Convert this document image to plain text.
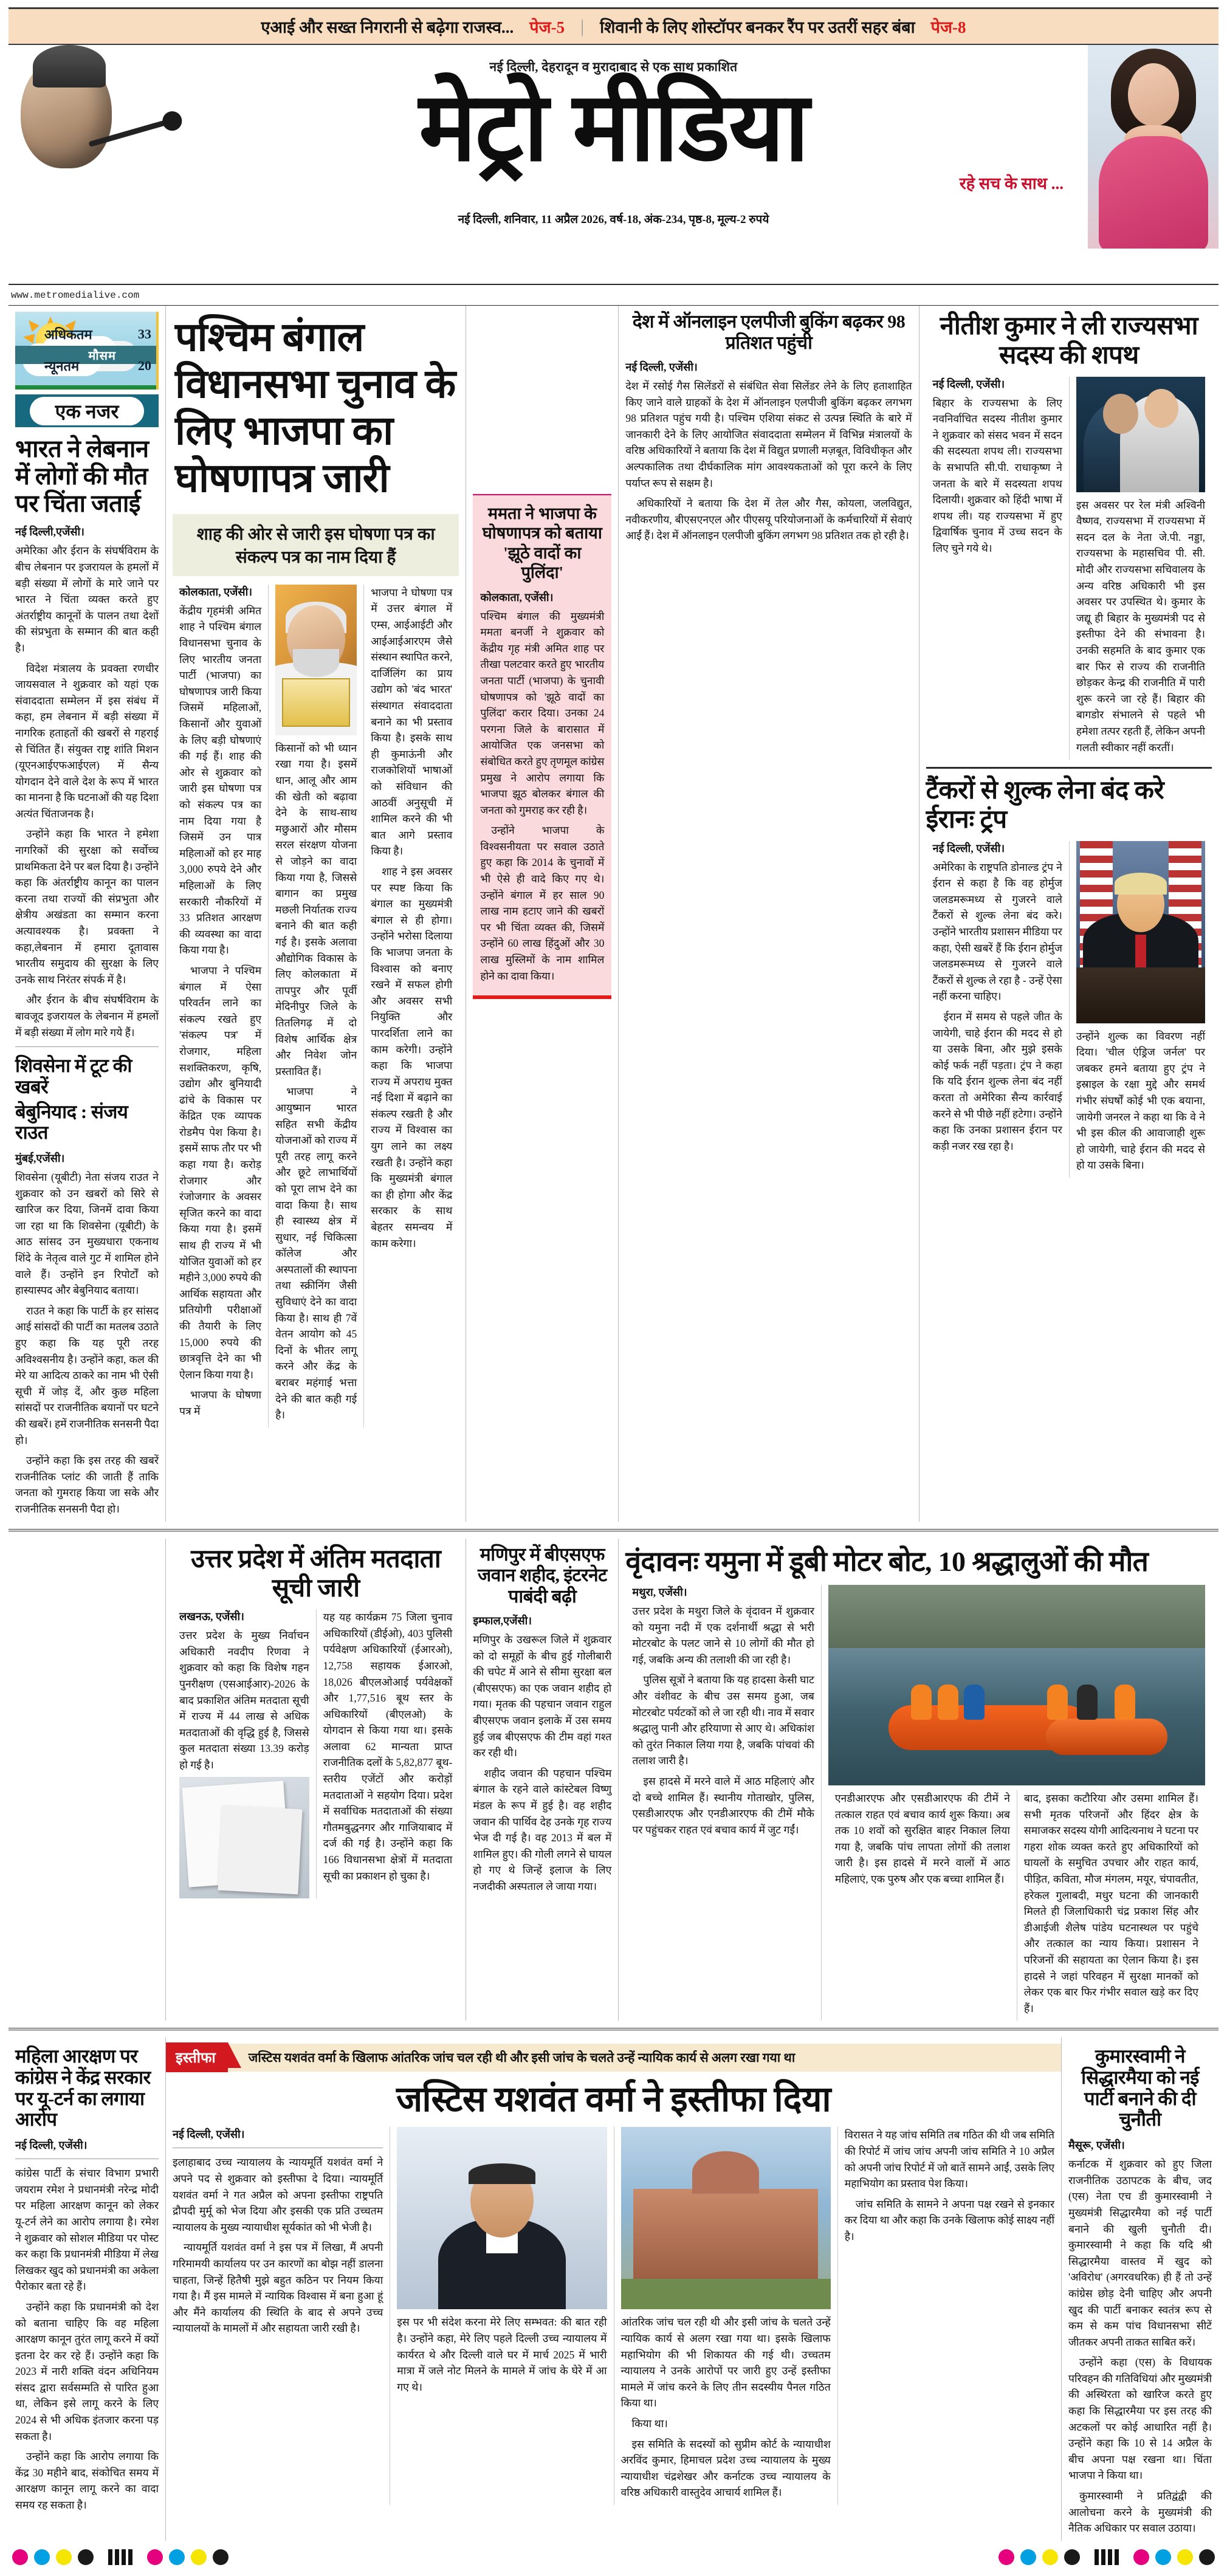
एआई और सख्त निगरानी से बढ़ेगा राजस्व... पेज-5 | शिवानी के लिए शोस्टॉपर बनकर रैंप पर उतरीं सहर बंबा पेज-8
नई दिल्ली, देहरादून व मुरादाबाद से एक साथ प्रकाशित
मेट्रो मीडिया
रहे सच के साथ ...
नई दिल्ली, शनिवार, 11 अप्रैल 2026, वर्ष-18, अंक-234, पृष्ठ-8, मूल्य-2 रुपये
www.metromedialive.com
अधिकतम	33
मौसम
न्यूनतम	20
एक नजर
भारत ने लेबनान में लोगों की मौत पर चिंता जताई
नई दिल्ली,एजेंसी।

अमेरिका और ईरान के संघर्षविराम के बीच लेबनान पर इजरायल के हमलों में बड़ी संख्या में लोगों के मारे जाने पर भारत ने चिंता व्यक्त करते हुए अंतर्राष्ट्रीय कानूनों के पालन तथा देशों की संप्रभुता के सम्मान की बात कही है।

विदेश मंत्रालय के प्रवक्ता रणधीर जायसवाल ने शुक्रवार को यहां एक संवाददाता सम्मेलन में इस संबंध में कहा, हम लेबनान में बड़ी संख्या में नागरिक हताहतों की खबरों से गहराई से चिंतित हैं। संयुक्त राष्ट्र शांति मिशन (यूएनआईएफआईएल) में सैन्य योगदान देने वाले देश के रूप में भारत का मानना है कि घटनाओं की यह दिशा अत्यंत चिंताजनक है।

उन्होंने कहा कि भारत ने हमेशा नागरिकों की सुरक्षा को सर्वोच्च प्राथमिकता देने पर बल दिया है। उन्होंने कहा कि अंतर्राष्ट्रीय कानून का पालन करना तथा राज्यों की संप्रभुता और क्षेत्रीय अखंडता का सम्मान करना अत्यावश्यक है। प्रवक्ता ने कहा,लेबनान में हमारा दूतावास भारतीय समुदाय की सुरक्षा के लिए उनके साथ निरंतर संपर्क में है।

और ईरान के बीच संघर्षविराम के बावजूद इजरायल के लेबनान में हमलों में बड़ी संख्या में लोग मारे गये हैं।

शिवसेना में टूट की खबरें
बेबुनियाद : संजय राउत
मुंबई,एजेंसी।

शिवसेना (यूबीटी) नेता संजय राउत ने शुक्रवार को उन खबरों को सिरे से खारिज कर दिया, जिनमें दावा किया जा रहा था कि शिवसेना (यूबीटी) के आठ सांसद उन मुख्यधारा एकनाथ शिंदे के नेतृत्व वाले गुट में शामिल होने वाले हैं। उन्होंने इन रिपोर्टों को हास्यास्पद और बेबुनियाद बताया।

राउत ने कहा कि पार्टी के हर सांसद आई सांसदों की पार्टी का मतलब उठाते हुए कहा कि यह पूरी तरह अविश्वसनीय है। उन्होंने कहा, कल की मेरे या आदित्य ठाकरे का नाम भी ऐसी सूची में जोड़ दें, और कुछ महिला सांसदों पर राजनीतिक बयानों पर घटने की खबरें। हमें राजनीतिक सनसनी पैदा हो।

उन्होंने कहा कि इस तरह की खबरें राजनीतिक प्लांट की जाती हैं ताकि जनता को गुमराह किया जा सके और राजनीतिक सनसनी पैदा हो।

पश्चिम बंगाल विधानसभा चुनाव के लिए भाजपा का घोषणापत्र जारी
शाह की ओर से जारी इस घोषणा पत्र का संकल्प पत्र का नाम दिया हैं
कोलकाता, एजेंसी।

केंद्रीय गृहमंत्री अमित शाह ने पश्चिम बंगाल विधानसभा चुनाव के लिए भारतीय जनता पार्टी (भाजपा) का घोषणापत्र जारी किया जिसमें महिलाओं, किसानों और युवाओं के लिए बड़ी घोषणाएं की गई हैं। शाह की ओर से शुक्रवार को जारी इस घोषणा पत्र को संकल्प पत्र का नाम दिया गया है जिसमें उन पात्र महिलाओं को हर माह 3,000 रुपये देने और महिलाओं के लिए सरकारी नौकरियों में 33 प्रतिशत आरक्षण की व्यवस्था का वादा किया गया है।

भाजपा ने पश्चिम बंगाल में ऐसा परिवर्तन लाने का संकल्प रखते हुए 'संकल्प पत्र' में रोजगार, महिला सशक्तिकरण, कृषि, उद्योग और बुनियादी ढांचे के विकास पर केंद्रित एक व्यापक रोडमैप पेश किया है। इसमें साफ तौर पर भी कहा गया है। करोड़ रोजगार और रंजोजगार के अवसर सृजित करने का वादा किया गया है। इसमें साथ ही राज्य में भी योजित युवाओं को हर महीने 3,000 रुपये की आर्थिक सहायता और प्रतियोगी परीक्षाओं की तैयारी के लिए 15,000 रुपये की छात्रवृत्ति देने का भी ऐलान किया गया है।

भाजपा के घोषणा पत्र में

किसानों को भी ध्यान रखा गया है। इसमें धान, आलू और आम की खेती को बढ़ावा देने के साथ-साथ मछुआरों और मौसम सरल संरक्षण योजना से जोड़ने का वादा किया गया है, जिससे बागान का प्रमुख मछली निर्यातक राज्य बनाने की बात कही गई है। इसके अलावा औद्योगिक विकास के लिए कोलकाता में तापपुर और पूर्वी मेदिनीपुर जिले के तितलिगढ़ में दो विशेष आर्थिक क्षेत्र और निवेश जोन प्रस्तावित हैं।

भाजपा ने आयुष्मान भारत सहित सभी केंद्रीय योजनाओं को राज्य में पूरी तरह लागू करने और छूटे लाभार्थियों को पूरा लाभ देने का वादा किया है। साथ ही स्वास्थ्य क्षेत्र में सुधार, नई चिकित्सा कॉलेज और अस्पतालों की स्थापना तथा स्क्रीनिंग जैसी सुविधाएं देने का वादा किया है। साथ ही 7वें वेतन आयोग को 45 दिनों के भीतर लागू करने और केंद्र के बराबर महंगाई भत्ता देने की बात कही गई है।

भाजपा ने घोषणा पत्र में उत्तर बंगाल में एम्स, आईआईटी और आईआईआरएम जैसे संस्थान स्थापित करने, दार्जिलिंग का प्राय उद्योग को 'बंद भारत' संस्थागत संवाददाता बनाने का भी प्रस्ताव किया है। इसके साथ ही कुमाऊंनी और राजकोशियों भाषाओं को संविधान की आठवीं अनुसूची में शामिल करने की भी बात आगे प्रस्ताव किया है।

शाह ने इस अवसर पर स्पष्ट किया कि बंगाल का मुख्यमंत्री बंगाल से ही होगा। उन्होंने भरोसा दिलाया कि भाजपा जनता के विश्वास को बनाए रखने में सफल होगी और अवसर सभी नियुक्ति और पारदर्शिता लाने का काम करेगी। उन्होंने कहा कि भाजपा राज्य में अपराध मुक्त नई दिशा में बढ़ाने का संकल्प रखती है और राज्य में विश्वास का युग लाने का लक्ष्य रखती है। उन्होंने कहा कि मुख्यमंत्री बंगाल का ही होगा और केंद्र सरकार के साथ बेहतर समन्वय में काम करेगा।

ममता ने भाजपा के घोषणापत्र को बताया 'झूठे वादों का पुलिंदा'
कोलकाता, एजेंसी।

पश्चिम बंगाल की मुख्यमंत्री ममता बनर्जी ने शुक्रवार को केंद्रीय गृह मंत्री अमित शाह पर तीखा पलटवार करते हुए भारतीय जनता पार्टी (भाजपा) के चुनावी घोषणापत्र को 'झूठे वादों का पुलिंदा' करार दिया। उनका 24 परगना जिले के बारासात में आयोजित एक जनसभा को संबोधित करते हुए तृणमूल कांग्रेस प्रमुख ने आरोप लगाया कि भाजपा झूठ बोलकर बंगाल की जनता को गुमराह कर रही है।

उन्होंने भाजपा के विश्वसनीयता पर सवाल उठाते हुए कहा कि 2014 के चुनावों में भी ऐसे ही वादे किए गए थे। उन्होंने बंगाल में हर साल 90 लाख नाम हटाए जाने की खबरों पर भी चिंता व्यक्त की, जिसमें उन्होंने 60 लाख हिंदुओं और 30 लाख मुस्लिमों के नाम शामिल होने का दावा किया।

देश में ऑनलाइन एलपीजी बुकिंग बढ़कर 98 प्रतिशत पहुंची
नई दिल्ली, एजेंसी।

देश में रसोई गैस सिलेंडरों से संबंधित सेवा सिलेंडर लेने के लिए हताशाहित किए जाने वाले ग्राहकों के देश में ऑनलाइन एलपीजी बुकिंग बढ़कर लगभग 98 प्रतिशत पहुंच गयी है। पश्चिम एशिया संकट से उत्पन्न स्थिति के बारे में जानकारी देने के लिए आयोजित संवाददाता सम्मेलन में विभिन्न मंत्रालयों के वरिष्ठ अधिकारियों ने बताया कि देश में विद्युत प्रणाली मज़बूत, विविधीकृत और अल्पकालिक तथा दीर्घकालिक मांग आवश्यकताओं को पूरा करने के लिए पर्याप्त रूप से सक्षम है।

अधिकारियों ने बताया कि देश में तेल और गैस, कोयला, जलविद्युत, नवीकरणीय, बीएसएनएल और पीएसयू परियोजनाओं के कर्मचारियों में सेवाएं आईं हैं। देश में ऑनलाइन एलपीजी बुकिंग लगभग 98 प्रतिशत तक हो रही है।

नीतीश कुमार ने ली राज्यसभा सदस्य की शपथ
नई दिल्ली, एजेंसी।

बिहार के राज्यसभा के लिए नवनिर्वाचित सदस्य नीतीश कुमार ने शुक्रवार को संसद भवन में सदन की सदस्यता शपथ ली। राज्यसभा के सभापति सी.पी. राधाकृष्ण ने जनता के बारे में सदस्यता शपथ दिलायी। शुक्रवार को हिंदी भाषा में शपथ ली। यह राज्यसभा में हुए द्विवार्षिक चुनाव में उच्च सदन के लिए चुने गये थे।

इस अवसर पर रेल मंत्री अश्विनी वैष्णव, राज्यसभा में राज्यसभा में सदन दल के नेता जे.पी. नड्डा, राज्यसभा के महासचिव पी. सी. मोदी और राज्यसभा सचिवालय के अन्य वरिष्ठ अधिकारी भी इस अवसर पर उपस्थित थे। कुमार के जद्यू ही बिहार के मुख्यमंत्री पद से इस्तीफा देने की संभावना है। उनकी सहमति के बाद कुमार एक बार फिर से राज्य की राजनीति छोड़कर केन्द्र की राजनीति में पारी शुरू करने जा रहे हैं। बिहार की बागडोर संभालने से पहले भी हमेशा तत्पर रहती हैं, लेकिन अपनी गलती स्वीकार नहीं करतीं।

टैंकरों से शुल्क लेना बंद करे ईरानः ट्रंप
नई दिल्ली, एजेंसी।

अमेरिका के राष्ट्रपति डोनाल्ड ट्रंप ने ईरान से कहा है कि वह होर्मुज जलडमरूमध्य से गुजरने वाले टैंकरों से शुल्क लेना बंद करे। उन्होंने भारतीय प्रशासन मीडिया पर कहा, ऐसी खबरें हैं कि ईरान होर्मुज जलडमरूमध्य से गुजरने वाले टैंकरों से शुल्क ले रहा है - उन्हें ऐसा नहीं करना चाहिए।

ईरान में समय से पहले जीत के जायेगी, चाहे ईरान की मदद से हो या उसके बिना, और मुझे इसके कोई फर्क नहीं पड़ता। ट्रंप ने कहा कि यदि ईरान शुल्क लेना बंद नहीं करता तो अमेरिका सैन्य कार्रवाई करने से भी पीछे नहीं हटेगा। उन्होंने कहा कि उनका प्रशासन ईरान पर कड़ी नजर रख रहा है।

उन्होंने शुल्क का विवरण नहीं दिया। 'चील एंड्रिज जर्नल' पर जबकर हमने बताया हुए ट्रंप ने इस्राइल के रक्षा मुद्दे और समर्थ गंभीर संघर्षों कोई भी एक बयाना, जायेगी जनरल ने कहा था कि वे ने भी इस कील की आवाजाही शुरू हो जायेगी, चाहे ईरान की मदद से हो या उसके बिना।

उत्तर प्रदेश में अंतिम मतदाता सूची जारी
लखनऊ, एजेंसी।

उत्तर प्रदेश के मुख्य निर्वाचन अधिकारी नवदीप रिणवा ने शुक्रवार को कहा कि विशेष गहन पुनरीक्षण (एसआईआर)-2026 के बाद प्रकाशित अंतिम मतदाता सूची में राज्य में 44 लाख से अधिक मतदाताओं की वृद्धि हुई है, जिससे कुल मतदाता संख्या 13.39 करोड़ हो गई है।

यह यह कार्यक्रम 75 जिला चुनाव अधिकारियों (डीईओ), 403 पुलिसी पर्यवेक्षण अधिकारियों (ईआरओ), 12,758 सहायक ईआरओ, 18,026 बीएलओआई पर्यवेक्षकों और 1,77,516 बूथ स्तर के अधिकारियों (बीएलओ) के योगदान से किया गया था। इसके अलावा 62 मान्यता प्राप्त राजनीतिक दलों के 5,82,877 बूथ-स्तरीय एजेंटों और करोड़ों मतदाताओं ने सहयोग दिया। प्रदेश में सर्वाधिक मतदाताओं की संख्या गौतमबुद्धनगर और गाजियाबाद में दर्ज की गई है। उन्होंने कहा कि 166 विधानसभा क्षेत्रों में मतदाता सूची का प्रकाशन हो चुका है।

मणिपुर में बीएसएफ जवान शहीद, इंटरनेट पाबंदी बढ़ी
इम्फाल,एजेंसी।

मणिपुर के उखरूल जिले में शुक्रवार को दो समूहों के बीच हुई गोलीबारी की चपेट में आने से सीमा सुरक्षा बल (बीएसएफ) का एक जवान शहीद हो गया। मृतक की पहचान जवान राहुल बीएसएफ जवान इलाके में उस समय हुई जब बीएसएफ की टीम वहां गश्त कर रही थी।

शहीद जवान की पहचान पश्चिम बंगाल के रहने वाले कांस्टेबल विष्णु मंडल के रूप में हुई है। वह शहीद जवान की पार्थिव देह उनके गृह राज्य भेज दी गई है। वह 2013 में बल में शामिल हुए। की गोली लगने से घायल हो गए थे जिन्हें इलाज के लिए नजदीकी अस्पताल ले जाया गया।

वृंदावनः यमुना में डूबी मोटर बोट, 10 श्रद्धालुओं की मौत
मथुरा, एजेंसी।

उत्तर प्रदेश के मथुरा जिले के वृंदावन में शुक्रवार को यमुना नदी में एक दर्शनार्थी श्रद्धा से भरी मोटरबोट के पलट जाने से 10 लोगों की मौत हो गई, जबकि अन्य की तलाशी की जा रही है।

पुलिस सूत्रों ने बताया कि यह हादसा केसी घाट और वंशीवट के बीच उस समय हुआ, जब मोटरबोट पर्यटकों को ले जा रही थी। नाव में सवार श्रद्धालु पानी और हरियाणा से आए थे। अधिकांश को तुरंत निकाल लिया गया है, जबकि पांचवां की तलाश जारी है।

इस हादसे में मरने वाले में आठ महिलाएं और दो बच्चे शामिल हैं। स्थानीय गोताखोर, पुलिस, एसडीआरएफ और एनडीआरएफ की टीमें मौके पर पहुंचकर राहत एवं बचाव कार्य में जुट गईं।

एनडीआरएफ और एसडीआरएफ की टीमें ने तत्काल राहत एवं बचाव कार्य शुरू किया। अब तक 10 शवों को सुरक्षित बाहर निकाल लिया गया है, जबकि पांच लापता लोगों की तलाश जारी है। इस हादसे में मरने वालों में आठ महिलाएं, एक पुरुष और एक बच्चा शामिल हैं।

बाद, इसका कटौरिया और उसमा शामिल हैं। सभी मृतक परिजनों और हिंदर क्षेत्र के समाजकर सदस्य योगी आदित्यनाथ ने घटना पर गहरा शोक व्यक्त करते हुए अधिकारियों को घायलों के समुचित उपचार और राहत कार्य, पीड़ित, कविता, मौज मंगलम, मयूर, चंपावतीत, हरेकल गुलाबदी, मधुर घटना की जानकारी मिलते ही जिलाधिकारी चंद्र प्रकाश सिंह और डीआईजी शैलेष पांडेय घटनास्थल पर पहुंचे और तत्काल का न्याय किया। प्रशासन ने परिजनों की सहायता का ऐलान किया है। इस हादसे ने जहां परिवहन में सुरक्षा मानकों को लेकर एक बार फिर गंभीर सवाल खड़े कर दिए हैं।

महिला आरक्षण पर कांग्रेस ने केंद्र सरकार पर यू-टर्न का लगाया आरोप
नई दिल्ली, एजेंसी।

कांग्रेस पार्टी के संचार विभाग प्रभारी जयराम रमेश ने प्रधानमंत्री नरेन्द्र मोदी पर महिला आरक्षण कानून को लेकर यू-टर्न लेने का आरोप लगाया है। रमेश ने शुक्रवार को सोशल मीडिया पर पोस्ट कर कहा कि प्रधानमंत्री मीडिया में लेख लिखकर खुद को प्रधानमंत्री का अकेला पैरोकार बता रहे हैं।

उन्होंने कहा कि प्रधानमंत्री को देश को बताना चाहिए कि वह महिला आरक्षण कानून तुरंत लागू करने में क्यों इतना देर कर रहे हैं। उन्होंने कहा कि 2023 में नारी शक्ति वंदन अधिनियम संसद द्वारा सर्वसम्मति से पारित हुआ था, लेकिन इसे लागू करने के लिए 2024 से भी अधिक इंतजार करना पड़ सकता है।

उन्होंने कहा कि आरोप लगाया कि केंद्र 30 महीने बाद, संकोचित समय में आरक्षण कानून लागू करने का वादा समय रह सकता है।

इस्तीफा	जस्टिस यशवंत वर्मा के खिलाफ आंतरिक जांच चल रही थी और इसी जांच के चलते उन्हें न्यायिक कार्य से अलग रखा गया था
जस्टिस यशवंत वर्मा ने इस्तीफा दिया
नई दिल्ली, एजेंसी।

इलाहाबाद उच्च न्यायालय के न्यायमूर्ति यशवंत वर्मा ने अपने पद से शुक्रवार को इस्तीफा दे दिया। न्यायमूर्ति यशवंत वर्मा ने गत अप्रैल को अपना इस्तीफा राष्ट्रपति द्रौपदी मुर्मू को भेज दिया और इसकी एक प्रति उच्चतम न्यायालय के मुख्य न्यायाधीश सूर्यकांत को भी भेजी है।

न्यायमूर्ति यशवंत वर्मा ने इस पत्र में लिखा, मैं अपनी गरिमामयी कार्यालय पर उन कारणों का बोझ नहीं डालना चाहता, जिन्हें हितैषी मुझे बहुत कठिन पर नियम किया गया है। मैं इस मामले में न्यायिक विश्वास में बना हुआ हूं और मैंने कार्यालय की स्थिति के बाद से अपने उच्च न्यायालयों के मामलों में और सहायता जारी रखी है।	इस पर भी संदेश करना मेरे लिए सम्भवत: की बात रही है। उन्होंने कहा, मेरे लिए पहले दिल्ली उच्च न्यायालय में कार्यरत थे और दिल्ली वाले घर में मार्च 2025 में भारी मात्रा में जले नोट मिलने के मामले में जांच के घेरे में आ गए थे।

आंतरिक जांच चल रही थी और इसी जांच के चलते उन्हें न्यायिक कार्य से अलग रखा गया था। इसके खिलाफ महाभियोग की भी शिकायत की गई थी। उच्चतम न्यायालय ने उनके आरोपों पर जारी हुए उन्हें इस्तीफा मामले में जांच करने के लिए तीन सदस्यीय पैनल गठित किया था।

किया था।

इस समिति के सदस्यों को सुप्रीम कोर्ट के न्यायाधीश अरविंद कुमार, हिमाचल प्रदेश उच्च न्यायालय के मुख्य न्यायाधीश चंद्रशेखर और कर्नाटक उच्च न्यायालय के वरिष्ठ अधिकारी वास्तुदेव आचार्य शामिल हैं।

विरासत ने यह जांच समिति तब गठित की थी जब समिति की रिपोर्ट में जांच जांच अपनी जांच समिति ने 10 अप्रैल को अपनी जांच रिपोर्ट में जो बातें सामने आईं, उसके लिए महाभियोग का प्रस्ताव पेश किया।

जांच समिति के सामने ने अपना पक्ष रखने से इनकार कर दिया था और कहा कि उनके खिलाफ कोई साक्ष्य नहीं है।

कुमारस्वामी ने सिद्धारमैया को नई पार्टी बनाने की दी चुनौती
मैसूरू, एजेंसी।

कर्नाटक में शुक्रवार को हुए जिला राजनीतिक उठापटक के बीच, जद (एस) नेता एच डी कुमारस्वामी ने मुख्यमंत्री सिद्धारमैया को नई पार्टी बनाने की खुली चुनौती दी। कुमारस्वामी ने कहा कि यदि श्री सिद्धारमैया वास्तव में खुद को 'अविरोध' (अगरवधरिक) ही हैं तो उन्हें कांग्रेस छोड़ देनी चाहिए और अपनी खुद की पार्टी बनाकर स्वतंत्र रूप से कम से कम पांच विधानसभा सीटें जीतकर अपनी ताकत साबित करें।

उन्होंने कहा (एस) के विधायक परिवहन की गतिविधियां और मुख्यमंत्री की अस्थिरता को खारिज करते हुए कहा कि सिद्धारमैया पर इस तरह की अटकलों पर कोई आधारित नहीं है। उन्होंने कहा कि 10 से 14 अप्रैल के बीच अपना पक्ष रखना था। चिंता भाजपा ने किया था।

कुमारस्वामी ने प्रतिद्वंद्वी की आलोचना करने के मुख्यमंत्री की नैतिक अधिकार पर सवाल उठाया।
